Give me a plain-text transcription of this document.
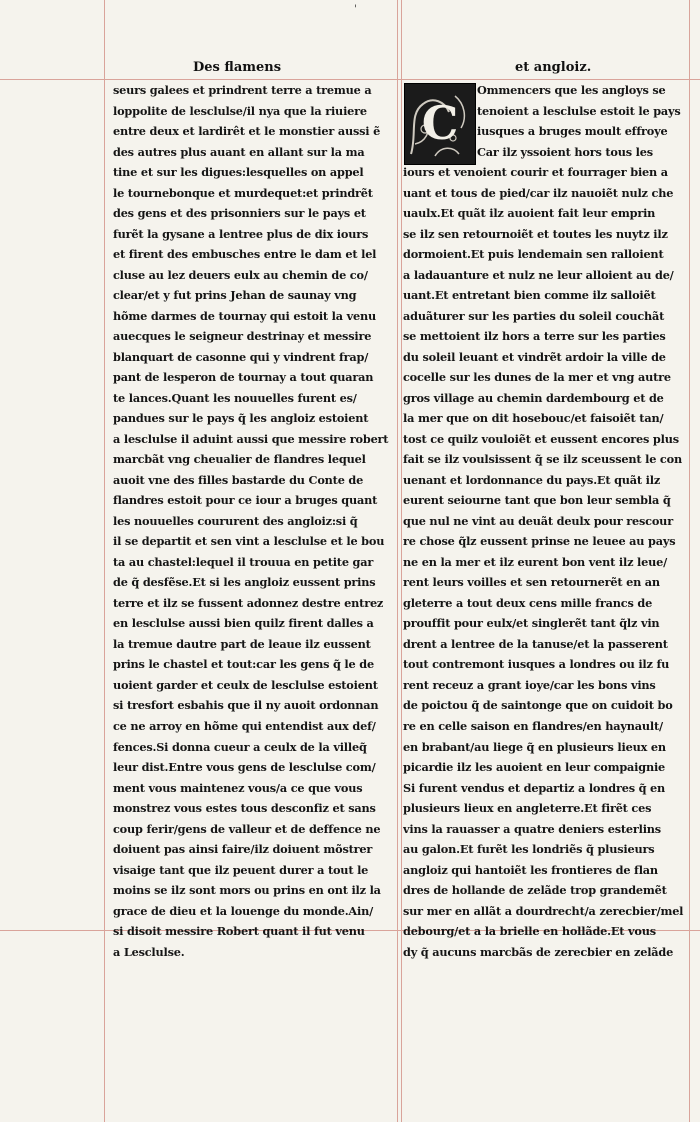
'
Des flamens	et angloiz.
C
seurs galees et prindrent terre a tremue a
loppolite de lesclulse/il nya que la riuiere
entre deux et lardirêt et le monstier aussi ẽ
des autres plus auant en allant sur la ma
tine et sur les digues:lesquelles on appel
le tournebonque et murdequet:et prindrẽt
des gens et des prisonniers sur le pays et
furẽt la gysane a lentree plus de dix iours
et firent des embusches entre le dam et lel
cluse au lez deuers eulx au chemin de co/
clear/et y fut prins Jehan de saunay vng
hõme darmes de tournay qui estoit la venu
auecques le seigneur destrinay et messire
blanquart de casonne qui y vindrent frap/
pant de lesperon de tournay a tout quaran
te lances.Quant les nouuelles furent es/
pandues sur le pays q̃ les angloiz estoient
a lesclulse il aduint aussi que messire robert
marcbãt vng cheualier de flandres lequel
auoit vne des filles bastarde du Conte de
flandres estoit pour ce iour a bruges quant
les nouuelles coururent des angloiz:si q̃
il se departit et sen vint a lesclulse et le bou
ta au chastel:lequel il trouua en petite gar
de q̃ desfẽse.Et si les angloiz eussent prins
terre et ilz se fussent adonnez destre entrez
en lesclulse aussi bien quilz firent dalles a
la tremue dautre part de leaue ilz eussent
prins le chastel et tout:car les gens q̃ le de
uoient garder et ceulx de lesclulse estoient
si tresfort esbahis que il ny auoit ordonnan
ce ne arroy en hõme qui entendist aux def/
fences.Si donna cueur a ceulx de la villeq̃
leur dist.Entre vous gens de lesclulse com/
ment vous maintenez vous/a ce que vous
monstrez vous estes tous desconfiz et sans
coup ferir/gens de valleur et de deffence ne
doiuent pas ainsi faire/ilz doiuent mõstrer
visaige tant que ilz peuent durer a tout le
moins se ilz sont mors ou prins en ont ilz la
grace de dieu et la louenge du monde.Ain/
si disoit messire Robert quant il fut venu
a Lesclulse.
Ommencers que les angloys se
tenoient a lesclulse estoit le pays
iusques a bruges moult effroye
Car ilz yssoient hors tous les
iours et venoient courir et fourrager bien a
uant et tous de pied/car ilz nauoiẽt nulz che
uaulx.Et quãt ilz auoient fait leur emprin
se ilz sen retournoiẽt et toutes les nuytz ilz
dormoient.Et puis lendemain sen ralloient
a ladauanture et nulz ne leur alloient au de/
uant.Et entretant bien comme ilz salloiẽt
aduãturer sur les parties du soleil couchãt
se mettoient ilz hors a terre sur les parties
du soleil leuant et vindrẽt ardoir la ville de
cocelle sur les dunes de la mer et vng autre
gros village au chemin dardembourg et de
la mer que on dit hosebouc/et faisoiẽt tan/
tost ce quilz vouloiẽt et eussent encores plus
fait se ilz voulsissent q̃ se ilz sceussent le con
uenant et lordonnance du pays.Et quãt ilz
eurent seiourne tant que bon leur sembla q̃
que nul ne vint au deuãt deulx pour rescour
re chose q̃lz eussent prinse ne leuee au pays
ne en la mer et ilz eurent bon vent ilz leue/
rent leurs voilles et sen retournerẽt en an
gleterre a tout deux cens mille francs de
prouffit pour eulx/et singlerẽt tant q̃lz vin
drent a lentree de la tanuse/et la passerent
tout contremont iusques a londres ou ilz fu
rent receuz a grant ioye/car les bons vins
de poictou q̃ de saintonge que on cuidoit bo
re en celle saison en flandres/en haynault/
en brabant/au liege q̃ en plusieurs lieux en
picardie ilz les auoient en leur compaignie
Si furent vendus et departiz a londres q̃ en
plusieurs lieux en angleterre.Et firẽt ces
vins la rauasser a quatre deniers esterlins
au galon.Et furẽt les londriẽs q̃ plusieurs
angloiz qui hantoiẽt les frontieres de flan
dres de hollande de zelãde trop grandemẽt
sur mer en allãt a dourdrecht/a zerecbier/mel
debourg/et a la brielle en hollãde.Et vous
dy q̃ aucuns marcbãs de zerecbier en zelãde
